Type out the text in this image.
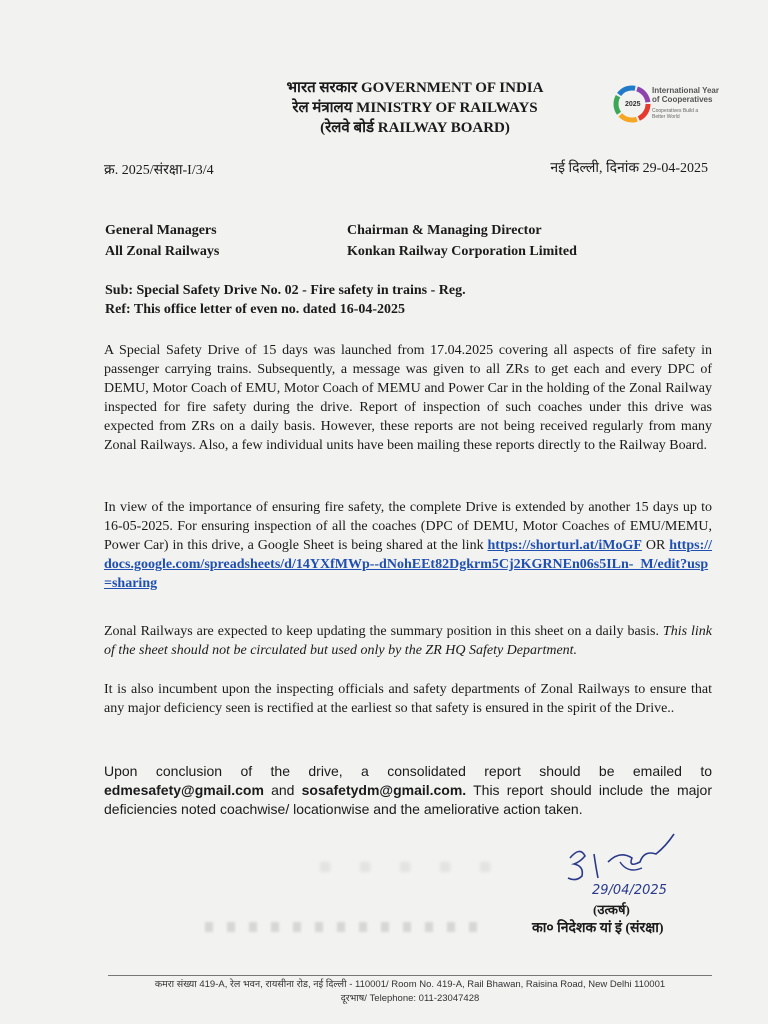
भारत सरकार GOVERNMENT OF INDIA
रेल मंत्रालय MINISTRY OF RAILWAYS
(रेलवे बोर्ड RAILWAY BOARD)
2025
International Year of Cooperatives
Cooperatives Build a Better World
क्र. 2025/संरक्षा-I/3/4	नई दिल्ली, दिनांक 29-04-2025
General Managers
All Zonal Railways
Chairman & Managing Director
Konkan Railway Corporation Limited
Sub: Special Safety Drive No. 02 - Fire safety in trains - Reg.
Ref: This office letter of even no. dated 16-04-2025
A Special Safety Drive of 15 days was launched from 17.04.2025 covering all aspects of fire safety in passenger carrying trains. Subsequently, a message was given to all ZRs to get each and every DPC of DEMU, Motor Coach of EMU, Motor Coach of MEMU and Power Car in the holding of the Zonal Railway inspected for fire safety during the drive. Report of inspection of such coaches under this drive was expected from ZRs on a daily basis. However, these reports are not being received regularly from many Zonal Railways. Also, a few individual units have been mailing these reports directly to the Railway Board.
In view of the importance of ensuring fire safety, the complete Drive is extended by another 15 days up to 16-05-2025. For ensuring inspection of all the coaches (DPC of DEMU, Motor Coaches of EMU/MEMU, Power Car) in this drive, a Google Sheet is being shared at the link https://shorturl.at/iMoGF OR https://docs.google.com/spreadsheets/d/14YXfMWp--dNohEEt82Dgkrm5Cj2KGRNEn06s5ILn-_M/edit?usp=sharing
Zonal Railways are expected to keep updating the summary position in this sheet on a daily basis. This link of the sheet should not be circulated but used only by the ZR HQ Safety Department.
It is also incumbent upon the inspecting officials and safety departments of Zonal Railways to ensure that any major deficiency seen is rectified at the earliest so that safety is ensured in the spirit of the Drive..
Upon conclusion of the drive, a consolidated report should be emailed to edmesafety@gmail.com and sosafetydm@gmail.com. This report should include the major deficiencies noted coachwise/ locationwise and the ameliorative action taken.
29/04/2025
(उत्कर्ष)
का० निदेशक यां इं (संरक्षा)
कमरा संख्या 419-A, रेल भवन, रायसीना रोड, नई दिल्ली - 110001/ Room No. 419-A, Rail Bhawan, Raisina Road, New Delhi 110001
दूरभाष/ Telephone: 011-23047428
